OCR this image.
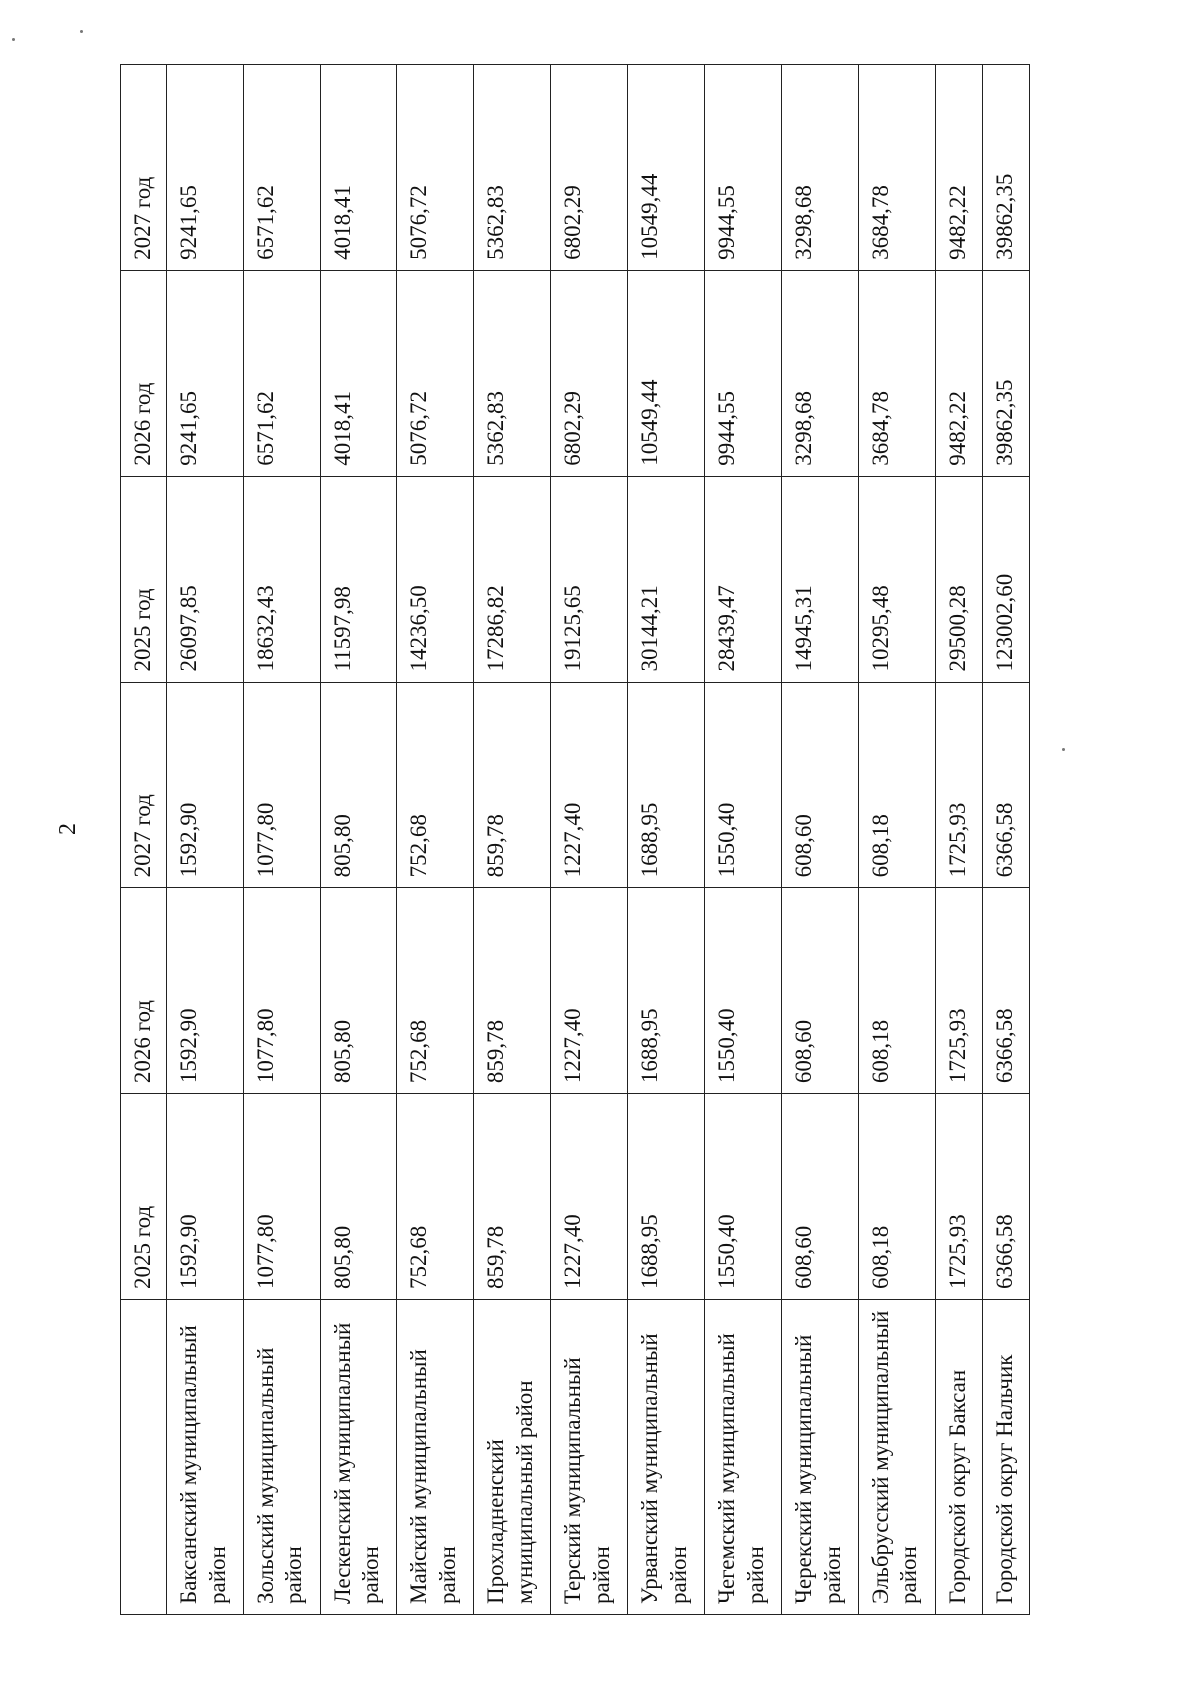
2
	2025 год	2026 год	2027 год	2025 год	2026 год	2027 год
Баксанский муниципальный район	1592,90	1592,90	1592,90	26097,85	9241,65	9241,65
Зольский муниципальный район	1077,80	1077,80	1077,80	18632,43	6571,62	6571,62
Лескенский муниципальный район	805,80	805,80	805,80	11597,98	4018,41	4018,41
Майский муниципальный район	752,68	752,68	752,68	14236,50	5076,72	5076,72
Прохладненский муниципальный район	859,78	859,78	859,78	17286,82	5362,83	5362,83
Терский муниципальный район	1227,40	1227,40	1227,40	19125,65	6802,29	6802,29
Урванский муниципальный район	1688,95	1688,95	1688,95	30144,21	10549,44	10549,44
Чегемский муниципальный район	1550,40	1550,40	1550,40	28439,47	9944,55	9944,55
Черекский муниципальный район	608,60	608,60	608,60	14945,31	3298,68	3298,68
Эльбрусский муниципальный район	608,18	608,18	608,18	10295,48	3684,78	3684,78
Городской округ Баксан	1725,93	1725,93	1725,93	29500,28	9482,22	9482,22
Городской округ Нальчик	6366,58	6366,58	6366,58	123002,60	39862,35	39862,35
